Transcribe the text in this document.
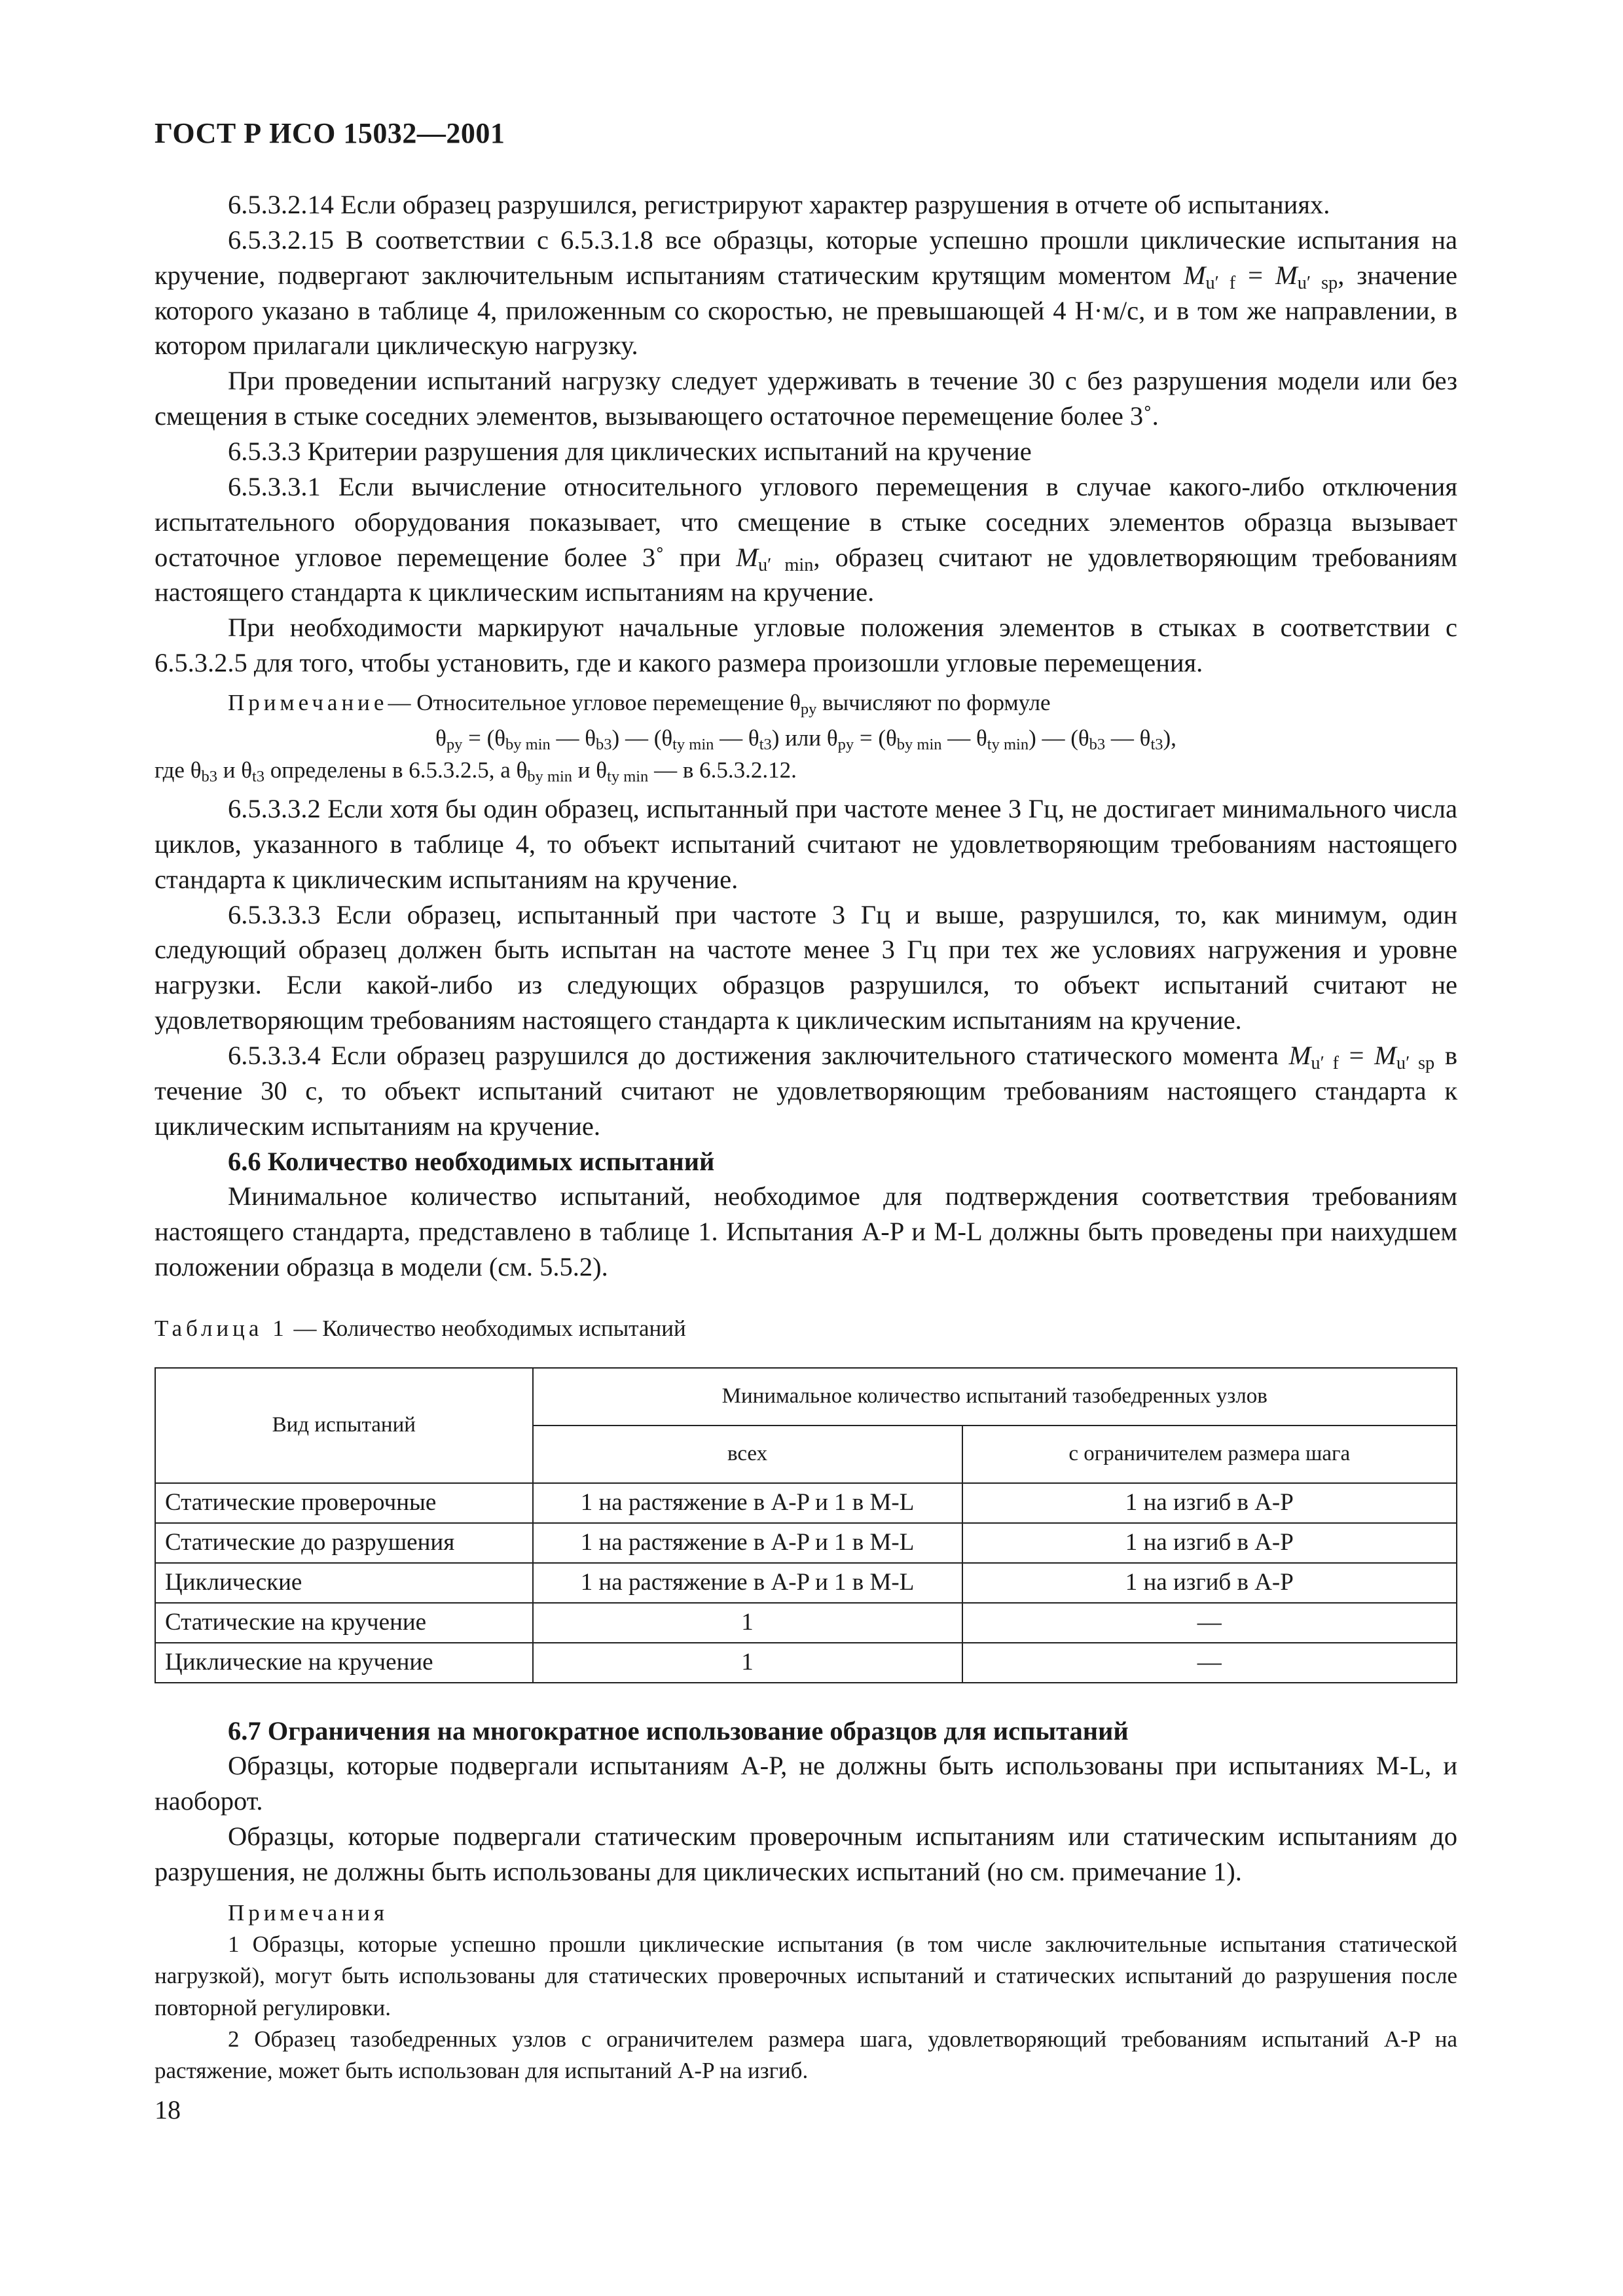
ГОСТ Р ИСО 15032—2001

6.5.3.2.14 Если образец разрушился, регистрируют характер разрушения в отчете об испытаниях.

6.5.3.2.15 В соответствии с 6.5.3.1.8 все образцы, которые успешно прошли циклические испытания на кручение, подвергают заключительным испытаниям статическим крутящим моментом $M_{u' f} = M_{u' sp}$, значение которого указано в таблице 4, приложенным со скоростью, не превышающей 4 Н·м/с, и в том же направлении, в котором прилагали циклическую нагрузку.

При проведении испытаний нагрузку следует удерживать в течение 30 с без разрушения модели или без смещения в стыке соседних элементов, вызывающего остаточное перемещение более 3˚.

6.5.3.3 Критерии разрушения для циклических испытаний на кручение

6.5.3.3.1 Если вычисление относительного углового перемещения в случае какого-либо отключения испытательного оборудования показывает, что смещение в стыке соседних элементов образца вызывает остаточное угловое перемещение более 3˚ при $M_{u' min}$, образец считают не удовлетворяющим требованиям настоящего стандарта к циклическим испытаниям на кручение.

При необходимости маркируют начальные угловые положения элементов в стыках в соответствии с 6.5.3.2.5 для того, чтобы установить, где и какого размера произошли угловые перемещения.

Примечание— Относительное угловое перемещение $\theta_{py}$ вычисляют по формуле

$\theta_{py} = (\theta_{by min}$ — $\theta_{b3}$) — ($\theta_{ty min}$ — $\theta_{t3}$) или $\theta_{py} = (\theta_{by min}$ — $\theta_{ty min}$) — ($\theta_{b3}$ — $\theta_{t3}$),

где $\theta_{b3}$ и $\theta_{t3}$ определены в 6.5.3.2.5, а $\theta_{by min}$ и $\theta_{ty min}$ — в 6.5.3.2.12.

6.5.3.3.2 Если хотя бы один образец, испытанный при частоте менее 3 Гц, не достигает минимального числа циклов, указанного в таблице 4, то объект испытаний считают не удовлетворяющим требованиям настоящего стандарта к циклическим испытаниям на кручение.

6.5.3.3.3 Если образец, испытанный при частоте 3 Гц и выше, разрушился, то, как минимум, один следующий образец должен быть испытан на частоте менее 3 Гц при тех же условиях нагружения и уровне нагрузки. Если какой-либо из следующих образцов разрушился, то объект испытаний считают не удовлетворяющим требованиям настоящего стандарта к циклическим испытаниям на кручение.

6.5.3.3.4 Если образец разрушился до достижения заключительного статического момента $M_{u' f} = M_{u' sp}$ в течение 30 с, то объект испытаний считают не удовлетворяющим требованиям настоящего стандарта к циклическим испытаниям на кручение.

6.6 Количество необходимых испытаний

Минимальное количество испытаний, необходимое для подтверждения соответствия требованиям настоящего стандарта, представлено в таблице 1. Испытания A-P и M-L должны быть проведены при наихудшем положении образца в модели (см. 5.5.2).

Таблица 1 — Количество необходимых испытаний

Вид испытаний	Минимальное количество испытаний тазобедренных узлов	
	всех	с ограничителем размера шага
Статические проверочные	1 на растяжение в A-P и 1 в M-L	1 на изгиб в A-P
Статические до разрушения	1 на растяжение в A-P и 1 в M-L	1 на изгиб в A-P
Циклические	1 на растяжение в A-P и 1 в M-L	1 на изгиб в A-P
Статические на кручение	1	—
Циклические на кручение	1	—

6.7 Ограничения на многократное использование образцов для испытаний

Образцы, которые подвергали испытаниям A-P, не должны быть использованы при испытаниях M-L, и наоборот.

Образцы, которые подвергали статическим проверочным испытаниям или статическим испытаниям до разрушения, не должны быть использованы для циклических испытаний (но см. примечание 1).

Примечания

1 Образцы, которые успешно прошли циклические испытания (в том числе заключительные испытания статической нагрузкой), могут быть использованы для статических проверочных испытаний и статических испытаний до разрушения после повторной регулировки.

2 Образец тазобедренных узлов с ограничителем размера шага, удовлетворяющий требованиям испытаний A-P на растяжение, может быть использован для испытаний A-P на изгиб.

18
